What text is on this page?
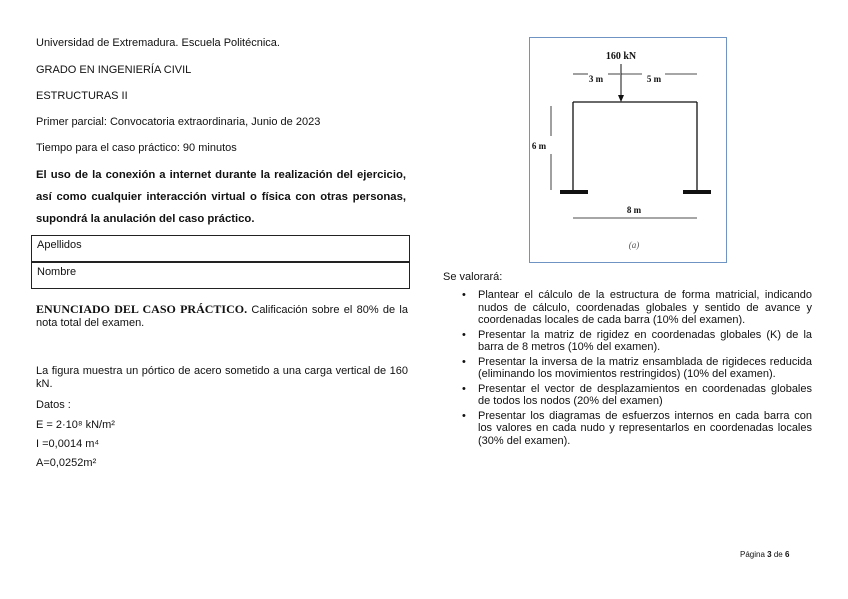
Universidad de Extremadura. Escuela Politécnica.
GRADO EN INGENIERÍA CIVIL
ESTRUCTURAS II
Primer parcial: Convocatoria extraordinaria, Junio de 2023
Tiempo para el caso práctico: 90 minutos
El uso de la conexión a internet durante la realización del ejercicio, así como cualquier interacción virtual o física con otras personas, supondrá la anulación del caso práctico.
Apellidos
Nombre
ENUNCIADO DEL CASO PRÁCTICO. Calificación sobre el 80% de la nota total del examen.
La figura muestra un pórtico de acero sometido a una carga vertical de 160 kN.
Datos :
E = 2·10⁸ kN/m²
I =0,0014 m⁴
A=0,0252m²
160 kN
3 m	5 m
6 m
8 m
(a)
Se valorará:
• Plantear el cálculo de la estructura de forma matricial, indicando nudos de cálculo, coordenadas globales y sentido de avance y coordenadas locales de cada barra (10% del examen).
• Presentar la matriz de rigidez en coordenadas globales (K) de la barra de 8 metros (10% del examen).
• Presentar la inversa de la matriz ensamblada de rigideces reducida (eliminando los movimientos restringidos) (10% del examen).
• Presentar el vector de desplazamientos en coordenadas globales de todos los nodos (20% del examen)
• Presentar los diagramas de esfuerzos internos en cada barra con los valores en cada nudo y representarlos en coordenadas locales (30% del examen).
Página 3 de 6
